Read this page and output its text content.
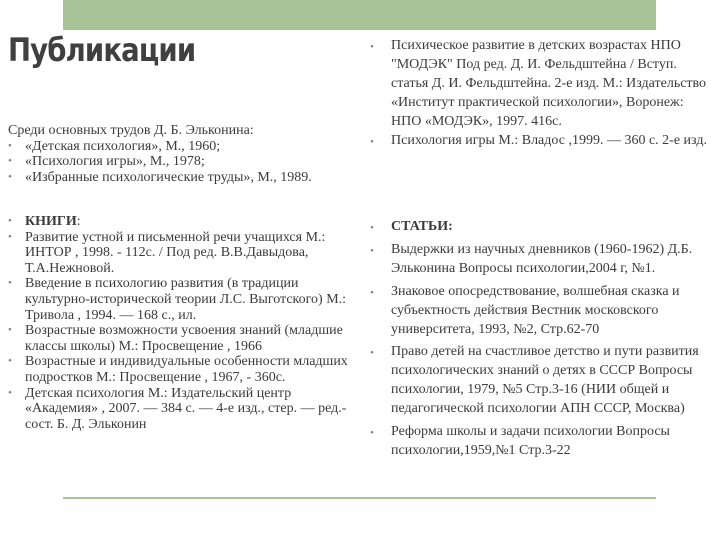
Публикации
Среди основных трудов Д. Б. Эльконина:
• «Детская психология», М., 1960;
• «Психология игры», М., 1978;
• «Избранные психологические труды», М., 1989.
• КНИГИ:
• Развитие устной и письменной речи учащихся М.: ИНТОР , 1998. - 112с. / Под ред. В.В.Давыдова, Т.А.Нежновой.
• Введение в психологию развития (в традиции культурно-исторической теории Л.С. Выготского) М.: Тривола , 1994. — 168 с., ил.
• Возрастные возможности усвоения знаний (младшие классы школы) М.: Просвещение , 1966
• Возрастные и индивидуальные особенности младших подростков М.: Просвещение , 1967, - 360с.
• Детская психология М.: Издательский центр «Академия» , 2007. — 384 с. — 4-е изд., стер. — ред.-сост. Б. Д. Эльконин
• Психическое развитие в детских возрастах НПО "МОДЭК" Под ред. Д. И. Фельдштейна / Вступ. статья Д. И. Фельдштейна. 2-е изд. М.: Издательство «Институт практической психологии», Воронеж: НПО «МОДЭК», 1997. 416с.
• Психология игры М.: Владос ,1999. — 360 с. 2-е изд.
• СТАТЬИ:
• Выдержки из научных дневников (1960-1962) Д.Б. Эльконина Вопросы психологии,2004 г, №1.
• Знаковое опосредствование, волшебная сказка и субъектность действия Вестник московского университета, 1993, №2, Стр.62-70
• Право детей на счастливое детство и пути развития психологических знаний о детях в СССР Вопросы психологии, 1979, №5 Стр.3-16 (НИИ общей и педагогической психологии АПН СССР, Москва)
• Реформа школы и задачи психологии Вопросы психологии,1959,№1 Стр.3-22
